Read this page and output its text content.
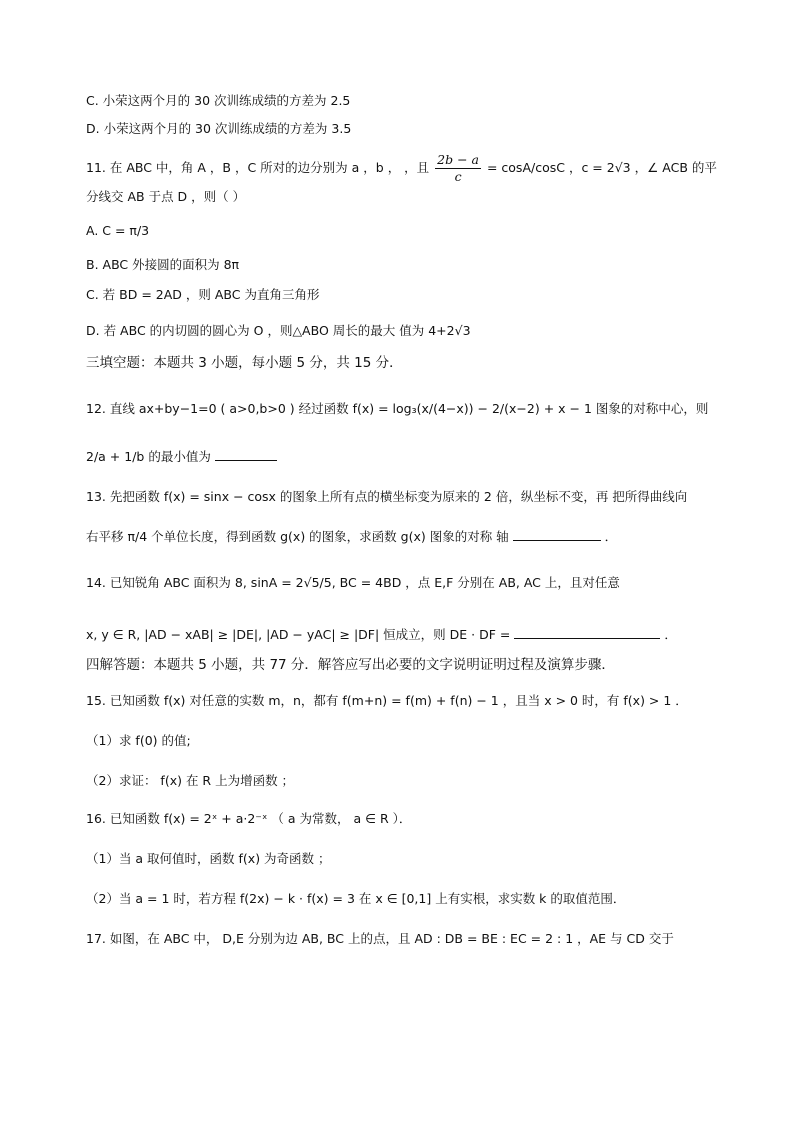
C. 小荣这两个月的 30 次训练成绩的方差为 2.5
D. 小荣这两个月的 30 次训练成绩的方差为 3.5
11. 在 ABC 中，角 A ，B ，C 所对的边分别为 a ，b ， ，且 $\frac{2b - a}{c} = \cos A/\cos C$ ，c = 2√3 ，∠ ACB 的平
分线交 AB 于点 D ，则（ ）
A. C = π/3
B. ABC 外接圆的面积为 8π
C. 若 BD = 2AD ，则 ABC 为直角三角形
D. 若 ABC 的内切圆的圆心为 O ，则△ABO 周长的最大 值为 4+2√3
三填空题：本题共 3 小题，每小题 5 分，共 15 分．
12. 直线 ax+by−1=0 ( a>0,b>0 ) 经过函数 f(x) = log₃(x/(4−x)) − 2/(x−2) + x − 1 图象的对称中心，则
2/a + 1/b 的最小值为
13. 先把函数 f(x) = sinx − cosx 的图象上所有点的横坐标变为原来的 2 倍，纵坐标不变，再 把所得曲线向
右平移 π/4 个单位长度，得到函数 g(x) 的图象，求函数 g(x) 图象的对称 轴	．
14. 已知锐角 ABC 面积为 8, sinA = 2√5/5, BC = 4BD ，点 E,F 分别在 AB, AC 上，且对任意
x, y ∈ R, |AD − xAB| ≥ |DE|, |AD − yAC| ≥ |DF| 恒成立，则 DE · DF =	．
四解答题：本题共 5 小题，共 77 分．解答应写出必要的文字说明证明过程及演算步骤．
15. 已知函数 f(x) 对任意的实数 m，n，都有 f(m+n) = f(m) + f(n) − 1 ，且当 x > 0 时，有 f(x) > 1 ．
（1）求 f(0) 的值;
（2）求证： f(x) 在 R 上为增函数 ；
16. 已知函数 f(x) = 2ˣ + a·2⁻ˣ （ a 为常数， a ∈ R ）．
（1）当 a 取何值时，函数 f(x) 为奇函数 ；
（2）当 a = 1 时，若方程 f(2x) − k · f(x) = 3 在 x ∈ [0,1] 上有实根，求实数 k 的取值范围．
17. 如图，在 ABC 中， D,E 分别为边 AB, BC 上的点，且 AD : DB = BE : EC = 2 : 1 ，AE 与 CD 交于
